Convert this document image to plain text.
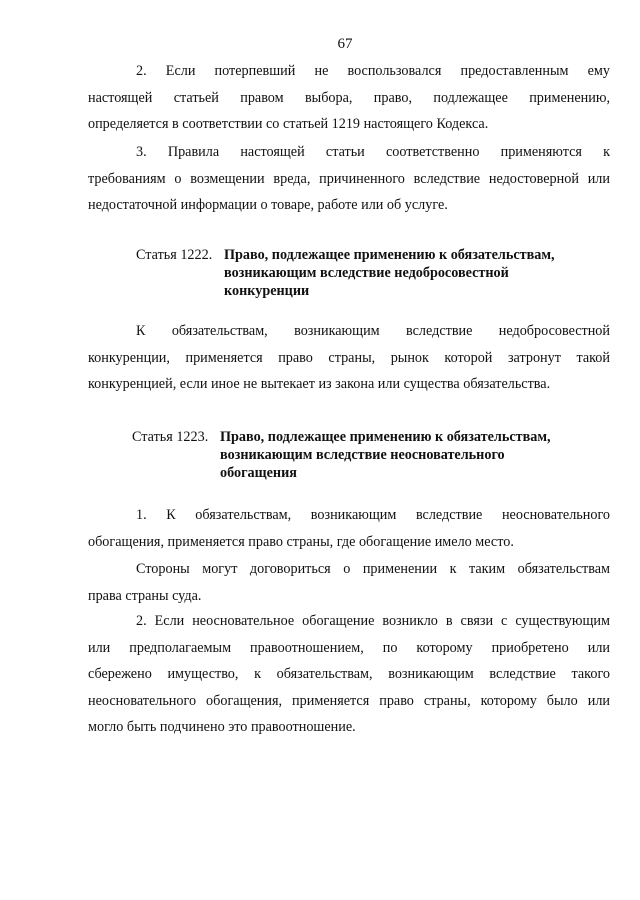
67
2. Если потерпевший не воспользовался предоставленным ему
настоящей статьей правом выбора, право, подлежащее применению,
определяется в соответствии со статьей 1219 настоящего Кодекса.
3. Правила настоящей статьи соответственно применяются к
требованиям о возмещении вреда, причиненного вследствие недостоверной или
недостаточной информации о товаре, работе или об услуге.
Статья 1222. Право, подлежащее применению к обязательствам,
возникающим вследствие недобросовестной
конкуренции
К обязательствам, возникающим вследствие недобросовестной
конкуренции, применяется право страны, рынок которой затронут такой
конкуренцией, если иное не вытекает из закона или существа обязательства.
Статья 1223. Право, подлежащее применению к обязательствам,
возникающим вследствие неосновательного
обогащения
1. К обязательствам, возникающим вследствие неосновательного
обогащения, применяется право страны, где обогащение имело место.
Стороны могут договориться о применении к таким обязательствам
права страны суда.
2. Если неосновательное обогащение возникло в связи с существующим
или предполагаемым правоотношением, по которому приобретено или
сбережено имущество, к обязательствам, возникающим вследствие такого
неосновательного обогащения, применяется право страны, которому было или
могло быть подчинено это правоотношение.
